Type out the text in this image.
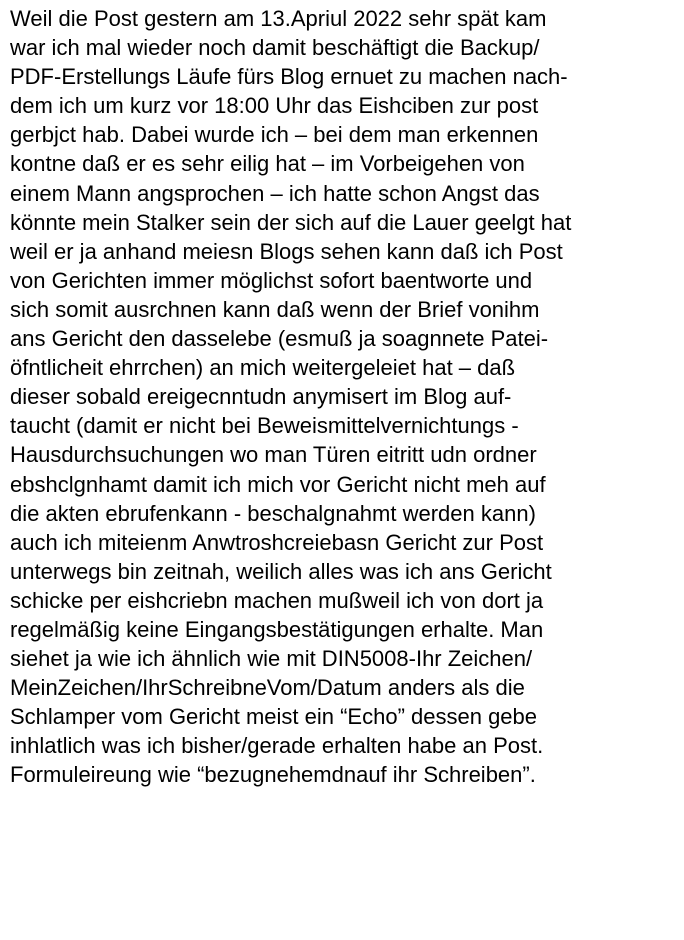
Weil die Post gestern am 13.Apriul 2022 sehr spät kam
war ich mal wieder noch damit beschäftigt die Backup/
PDF-Erstellungs Läufe fürs Blog ernuet zu machen nach-
dem ich um kurz vor 18:00 Uhr das Eishciben zur post
gerbjct hab. Dabei wurde ich – bei dem man erkennen
kontne daß er es sehr eilig hat – im Vorbeigehen von
einem Mann angsprochen – ich hatte schon Angst das
könnte mein Stalker sein der sich auf die Lauer geelgt hat
weil er ja anhand meiesn Blogs sehen kann daß ich Post
von Gerichten immer möglichst sofort baentworte und
sich somit ausrchnen kann daß wenn der Brief vonihm
ans Gericht den dasselebe (esmuß ja soagnnete Patei-
öfntlicheit ehrrchen) an mich weitergeleiet hat – daß
dieser sobald ereigecnntudn anymisert im Blog auf-
taucht (damit er nicht bei Beweismittelvernichtungs -
Hausdurchsuchungen wo man Türen eitritt udn ordner
ebshclgnhamt damit ich mich vor Gericht nicht meh auf
die akten ebrufenkann - beschalgnahmt werden kann)
auch ich miteienm Anwtroshcreiebasn Gericht zur Post
unterwegs bin zeitnah, weilich alles was ich ans Gericht
schicke per eishcriebn machen mußweil ich von dort ja
regelmäßig keine Eingangsbestätigungen erhalte. Man
siehet ja wie ich ähnlich wie mit DIN5008-Ihr Zeichen/
MeinZeichen/IhrSchreibneVom/Datum anders als die
Schlamper vom Gericht meist ein “Echo” dessen gebe
inhlatlich was ich bisher/gerade erhalten habe an Post.
Formuleireung wie “bezugnehemdnauf ihr Schreiben”.
